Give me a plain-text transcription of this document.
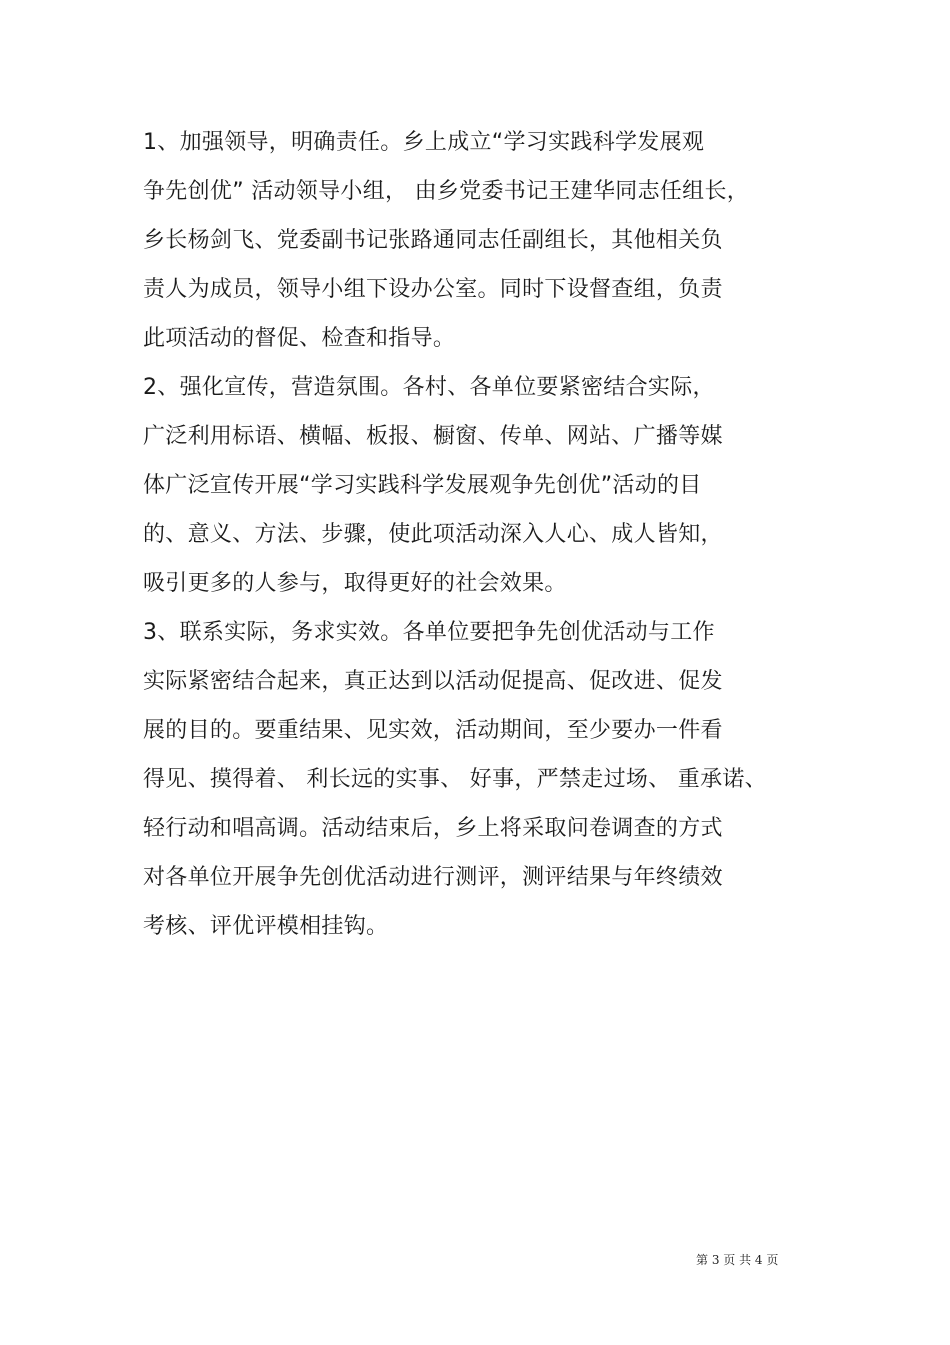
1、加强领导，明确责任。乡上成立“学习实践科学发展观
争先创优” 活动领导小组， 由乡党委书记王建华同志任组长，
乡长杨剑飞、党委副书记张路通同志任副组长，其他相关负
责人为成员，领导小组下设办公室。同时下设督查组，负责
此项活动的督促、检查和指导。
2、强化宣传，营造氛围。各村、各单位要紧密结合实际，
广泛利用标语、横幅、板报、橱窗、传单、网站、广播等媒
体广泛宣传开展“学习实践科学发展观争先创优”活动的目
的、意义、方法、步骤，使此项活动深入人心、成人皆知，
吸引更多的人参与，取得更好的社会效果。
3、联系实际，务求实效。各单位要把争先创优活动与工作
实际紧密结合起来，真正达到以活动促提高、促改进、促发
展的目的。要重结果、见实效，活动期间，至少要办一件看
得见、摸得着、 利长远的实事、 好事，严禁走过场、 重承诺、
轻行动和唱高调。活动结束后，乡上将采取问卷调查的方式
对各单位开展争先创优活动进行测评，测评结果与年终绩效
考核、评优评模相挂钩。
第 3 页 共 4 页
